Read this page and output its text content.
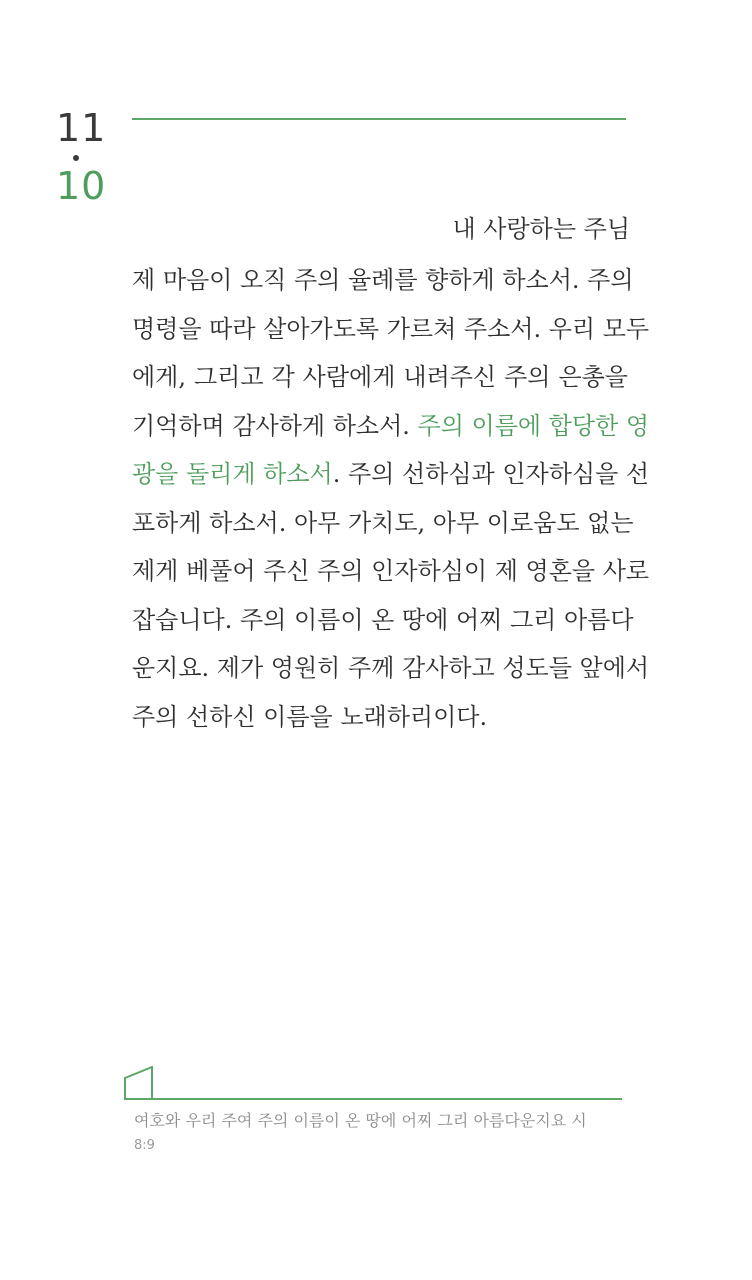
11
10
내 사랑하는 주님
제 마음이 오직 주의 율례를 향하게 하소서. 주의
명령을 따라 살아가도록 가르쳐 주소서. 우리 모두
에게, 그리고 각 사람에게 내려주신 주의 은총을
기억하며 감사하게 하소서. 주의 이름에 합당한 영
광을 돌리게 하소서. 주의 선하심과 인자하심을 선
포하게 하소서. 아무 가치도, 아무 이로움도 없는
제게 베풀어 주신 주의 인자하심이 제 영혼을 사로
잡습니다. 주의 이름이 온 땅에 어찌 그리 아름다
운지요. 제가 영원히 주께 감사하고 성도들 앞에서
주의 선하신 이름을 노래하리이다.
여호와 우리 주여 주의 이름이 온 땅에 어찌 그리 아름다운지요 시
8:9
